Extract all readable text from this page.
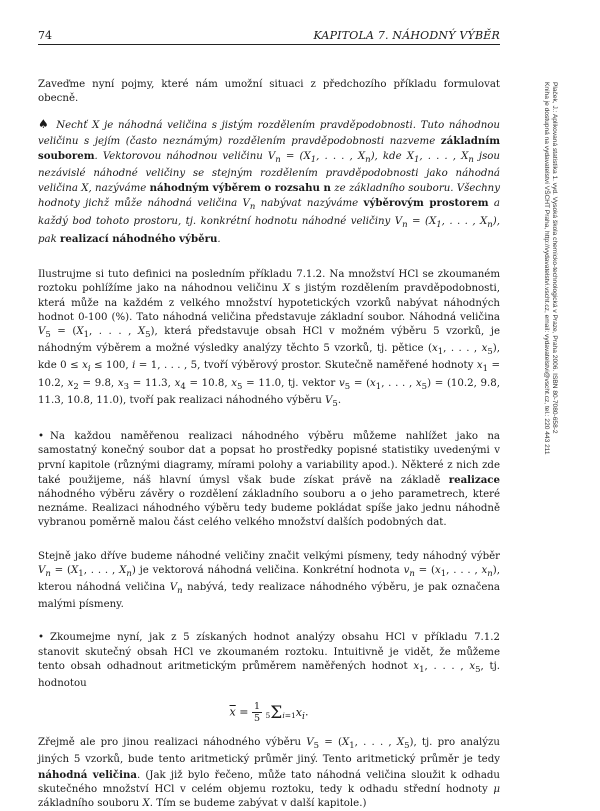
74	KAPITOLA 7. NÁHODNÝ VÝBĚR

Zaveďme nyní pojmy, které nám umožní situaci z předchozího příkladu formulovat obecně.

♠ Nechť X je náhodná veličina s jistým rozdělením pravděpodobnosti. Tuto náhodnou veličinu s jejím (často neznámým) rozdělením pravděpodobnosti nazveme základním souborem. Vektorovou náhodnou veličinu $V_n = (X_1$, . . . , $X_n$), kde $X_1$, . . . , $X_n$ jsou nezávislé náhodné veličiny se stejným rozdělením pravděpodobnosti jako náhodná veličina X, nazýváme náhodným výběrem o rozsahu n ze základního souboru. Všechny hodnoty jichž může náhodná veličina $V_n$ nabývat nazýváme výběrovým prostorem a každý bod tohoto prostoru, tj. konkrétní hodnotu náhodné veličiny $V_n = (X_1$, . . . , $X_n$), pak realizací náhodného výběru.

Ilustrujme si tuto definici na posledním příkladu 7.1.2. Na množství HCl se zkoumaném roztoku pohlížíme jako na náhodnou veličinu X s jistým rozdělením pravděpodobnosti, která může na každém z velkého množství hypotetických vzorků nabývat náhodných hodnot 0-100 (%). Tato náhodná veličina představuje základní soubor. Náhodná veličina $V_5 = (X_1$, . . . , $X_5$), která představuje obsah HCl v možném výběru 5 vzorků, je náhodným výběrem a možné výsledky analýzy těchto 5 vzorků, tj. pětice ($x_1$, . . . , $x_5$), kde $0 \le x_i \le 100$, i = 1, . . . , 5, tvoří výběrový prostor. Skutečně naměřené hodnoty $x_1 = 10.2$, $x_2 = 9.8$, $x_3 = 11.3$, $x_4 = 10.8$, $x_5 = 11.0$, tj. vektor $v_5 = (x_1$, . . . , $x_5) = (10.2$, 9.8, 11.3, 10.8, 11.0), tvoří pak realizaci náhodného výběru $V_5$.

• Na každou naměřenou realizaci náhodného výběru můžeme nahlížet jako na samostatný konečný soubor dat a popsat ho prostředky popisné statistiky uvedenými v první kapitole (různými diagramy, mírami polohy a variability apod.). Některé z nich zde také použijeme, náš hlavní úmysl však bude získat právě na základě realizace náhodného výběru závěry o rozdělení základního souboru a o jeho parametrech, které neznáme. Realizaci náhodného výběru tedy budeme pokládat spíše jako jednu náhodně vybranou poměrně malou část celého velkého množství dalších podobných dat.

Stejně jako dříve budeme náhodné veličiny značit velkými písmeny, tedy náhodný výběr $V_n = (X_1$, . . . , $X_n$) je vektorová náhodná veličina. Konkrétní hodnota $v_n = (x_1$, . . . , $x_n$), kterou náhodná veličina $V_n$ nabývá, tedy realizace náhodného výběru, je pak označena malými písmeny.

• Zkoumejme nyní, jak z 5 získaných hodnot analýzy obsahu HCl v příkladu 7.1.2 stanovit skutečný obsah HCl ve zkoumaném roztoku. Intuitivně je vidět, že můžeme tento obsah odhadnout aritmetickým průměrem naměřených hodnot $x_1$, . . . , $x_5$, tj. hodnotou

$\overline{x} = \frac{1}{5} 5\Sigma i=1x_i$.

Zřejmě ale pro jinou realizaci náhodného výběru $V_5 = (X_1$, . . . , $X_5$), tj. pro analýzu jiných 5 vzorků, bude tento aritmetický průměr jiný. Tento aritmetický průměr je tedy náhodná veličina. (Jak již bylo řečeno, může tato náhodná veličina sloužit k odhadu skutečného množství HCl v celém objemu roztoku, tedy k odhadu střední hodnoty μ základního souboru X. Tím se budeme zabývat v další kapitole.)

Plaček, J.: Aplikovaná statistika 1. vyd. Vysoká škola chemicko-technologická v Praze, Praha 2006. ISBN 80-7080-658-2
Kniha je dostupná na vydavatelství VŠCHT Praha, http://vydavatelstvi.vscht.cz, email: vydavatelstvi@vscht.cz, tel.: 220 443 211
